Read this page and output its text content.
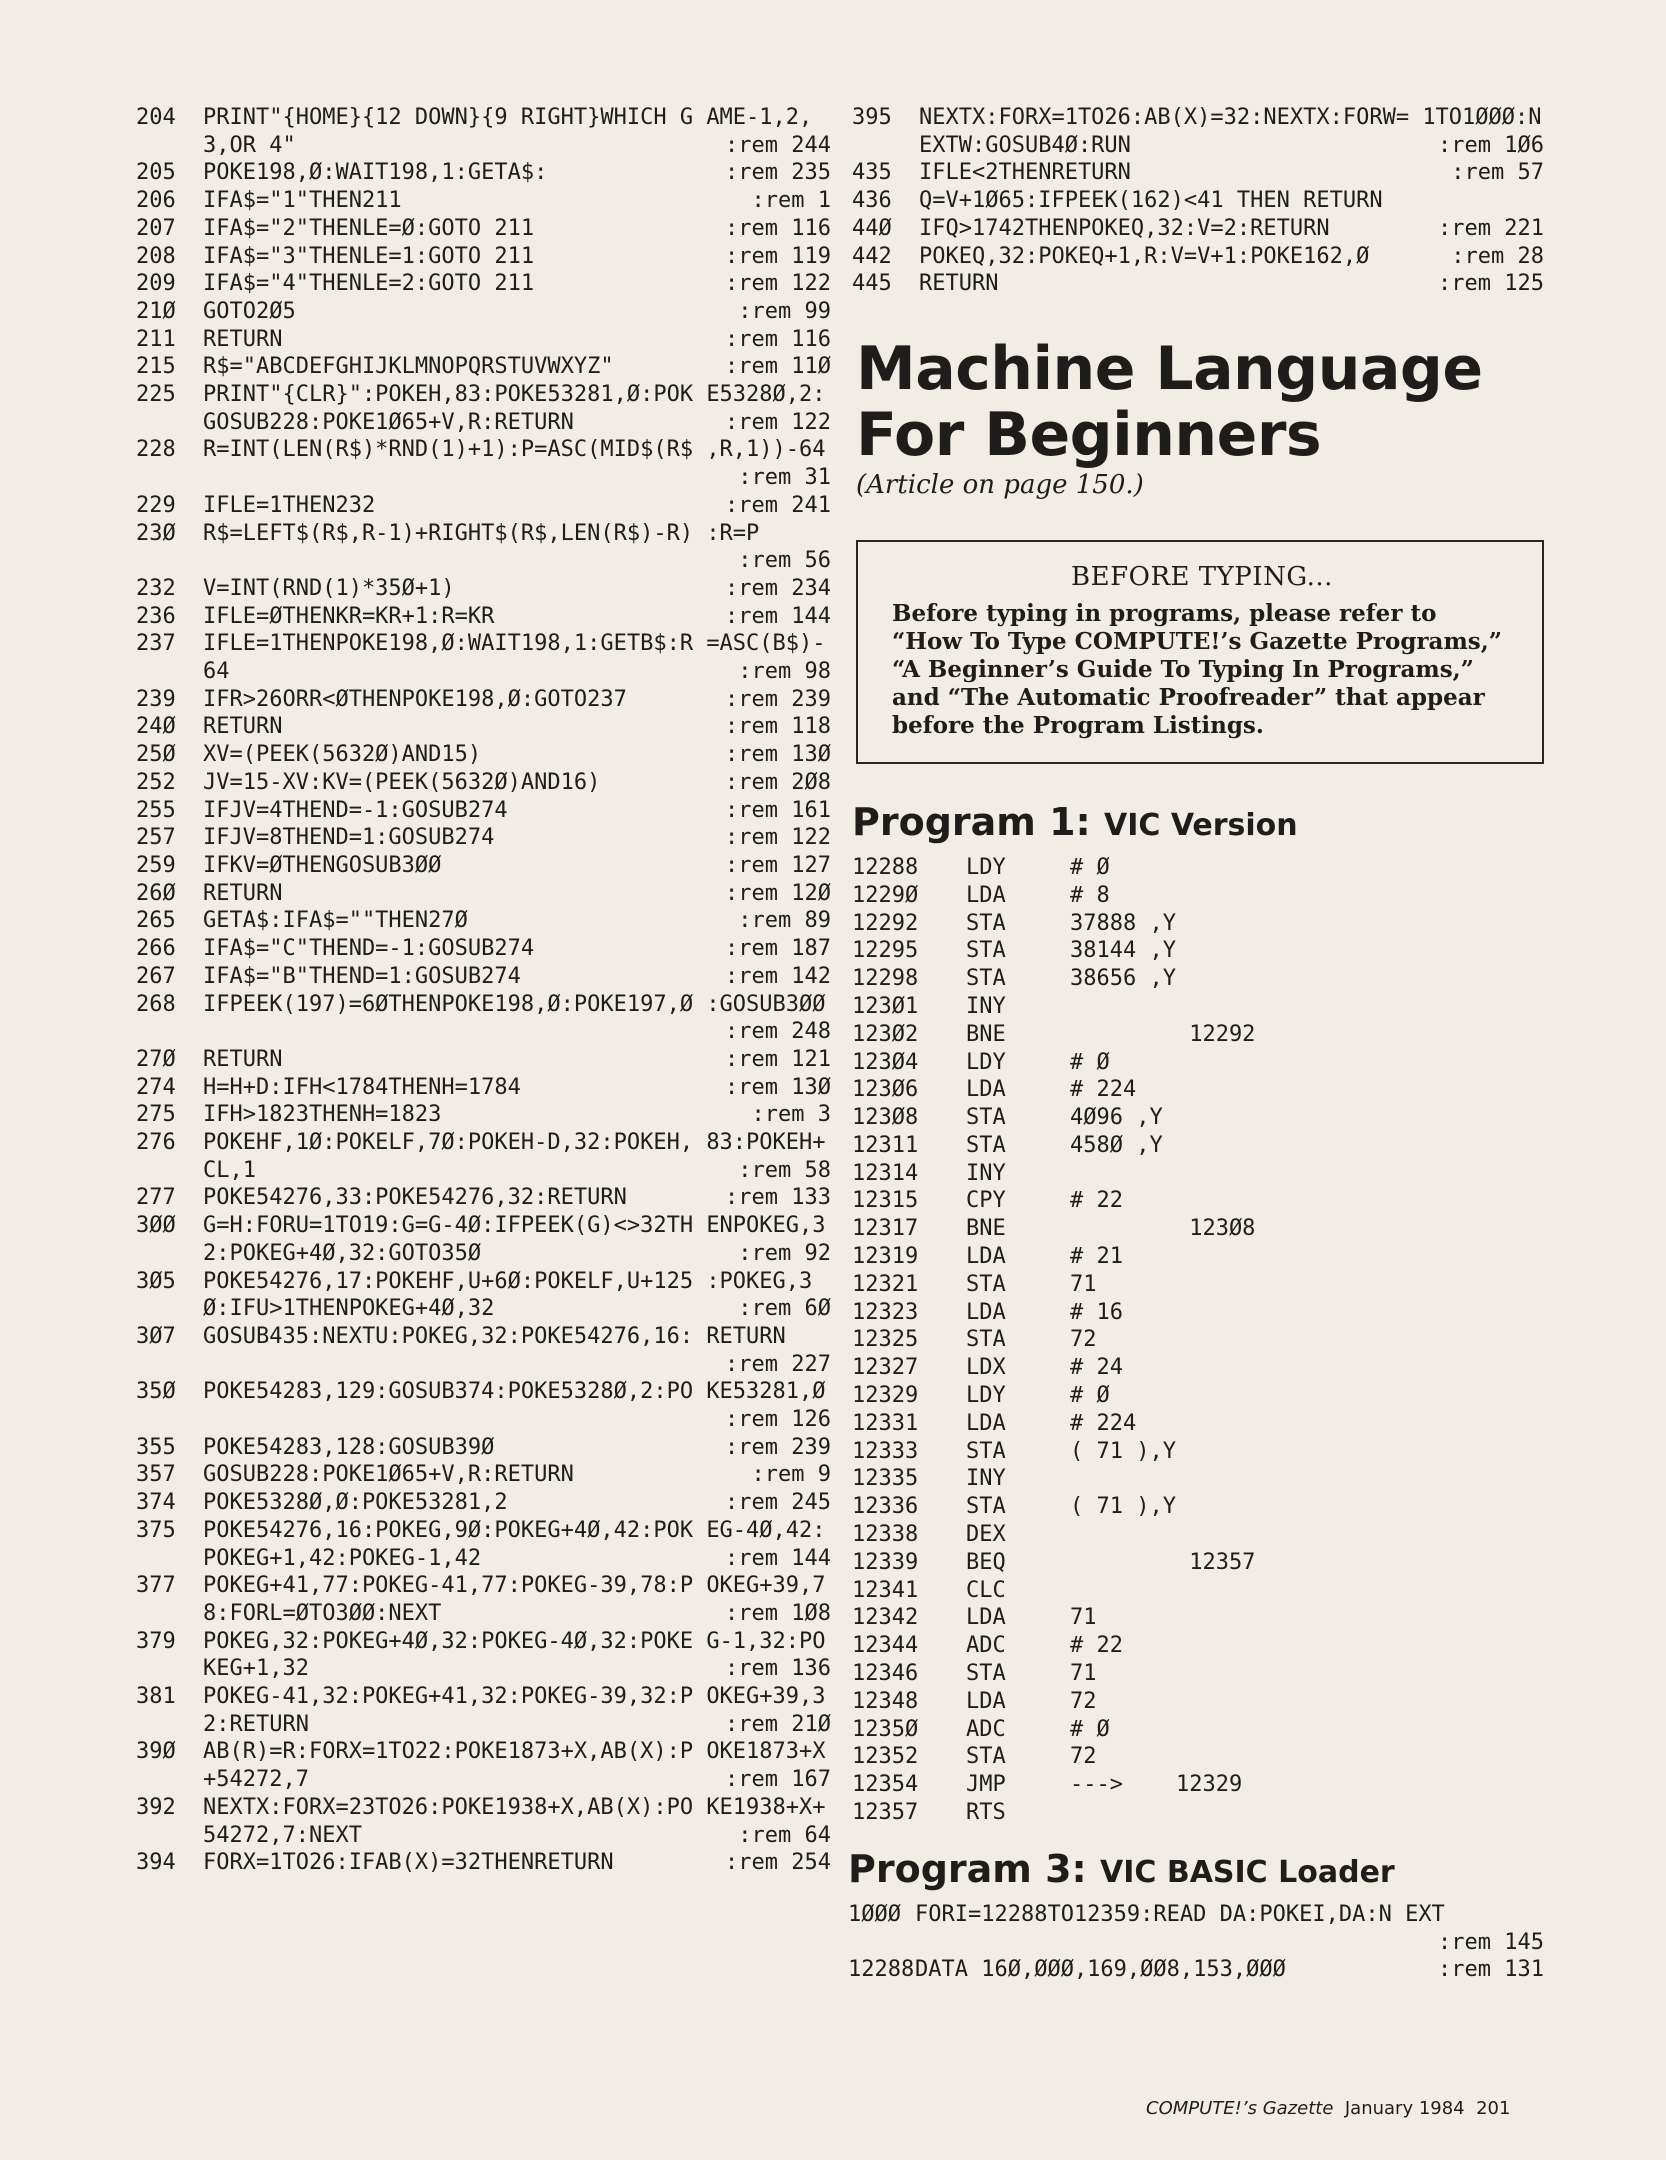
204	PRINT"{HOME}{12 DOWN}{9 RIGHT}WHICH G AME-1,2,3,OR 4"	:rem 244
205	POKE198,Ø:WAIT198,1:GETA$:	:rem 235
206	IFA$="1"THEN211	:rem 1
207	IFA$="2"THENLE=Ø:GOTO 211	:rem 116
208	IFA$="3"THENLE=1:GOTO 211	:rem 119
209	IFA$="4"THENLE=2:GOTO 211	:rem 122
21Ø	GOTO2Ø5	:rem 99
211	RETURN	:rem 116
215	R$="ABCDEFGHIJKLMNOPQRSTUVWXYZ"	:rem 11Ø
225	PRINT"{CLR}":POKEH,83:POKE53281,Ø:POK E5328Ø,2:GOSUB228:POKE1Ø65+V,R:RETURN	:rem 122
228	R=INT(LEN(R$)*RND(1)+1):P=ASC(MID$(R$ ,R,1))-64
:rem 31
229	IFLE=1THEN232	:rem 241
23Ø	R$=LEFT$(R$,R-1)+RIGHT$(R$,LEN(R$)-R) :R=P
:rem 56
232	V=INT(RND(1)*35Ø+1)	:rem 234
236	IFLE=ØTHENKR=KR+1:R=KR	:rem 144
237	IFLE=1THENPOKE198,Ø:WAIT198,1:GETB$:R =ASC(B$)-64	:rem 98
239	IFR>26ORR<ØTHENPOKE198,Ø:GOTO237	:rem 239
24Ø	RETURN	:rem 118
25Ø	XV=(PEEK(5632Ø)AND15)	:rem 13Ø
252	JV=15-XV:KV=(PEEK(5632Ø)AND16)	:rem 2Ø8
255	IFJV=4THEND=-1:GOSUB274	:rem 161
257	IFJV=8THEND=1:GOSUB274	:rem 122
259	IFKV=ØTHENGOSUB3ØØ	:rem 127
26Ø	RETURN	:rem 12Ø
265	GETA$:IFA$=""THEN27Ø	:rem 89
266	IFA$="C"THEND=-1:GOSUB274	:rem 187
267	IFA$="B"THEND=1:GOSUB274	:rem 142
268	IFPEEK(197)=6ØTHENPOKE198,Ø:POKE197,Ø :GOSUB3ØØ
:rem 248
27Ø	RETURN	:rem 121
274	H=H+D:IFH<1784THENH=1784	:rem 13Ø
275	IFH>1823THENH=1823	:rem 3
276	POKEHF,1Ø:POKELF,7Ø:POKEH-D,32:POKEH, 83:POKEH+CL,1	:rem 58
277	POKE54276,33:POKE54276,32:RETURN	:rem 133
3ØØ	G=H:FORU=1TO19:G=G-4Ø:IFPEEK(G)<>32TH ENPOKEG,32:POKEG+4Ø,32:GOTO35Ø	:rem 92
3Ø5	POKE54276,17:POKEHF,U+6Ø:POKELF,U+125 :POKEG,3Ø:IFU>1THENPOKEG+4Ø,32	:rem 6Ø
3Ø7	GOSUB435:NEXTU:POKEG,32:POKE54276,16: RETURN
:rem 227
35Ø	POKE54283,129:GOSUB374:POKE5328Ø,2:PO KE53281,Ø
:rem 126
355	POKE54283,128:GOSUB39Ø	:rem 239
357	GOSUB228:POKE1Ø65+V,R:RETURN	:rem 9
374	POKE5328Ø,Ø:POKE53281,2	:rem 245
375	POKE54276,16:POKEG,9Ø:POKEG+4Ø,42:POK EG-4Ø,42:POKEG+1,42:POKEG-1,42	:rem 144
377	POKEG+41,77:POKEG-41,77:POKEG-39,78:P OKEG+39,78:FORL=ØTO3ØØ:NEXT	:rem 1Ø8
379	POKEG,32:POKEG+4Ø,32:POKEG-4Ø,32:POKE G-1,32:POKEG+1,32	:rem 136
381	POKEG-41,32:POKEG+41,32:POKEG-39,32:P OKEG+39,32:RETURN	:rem 21Ø
39Ø	AB(R)=R:FORX=1TO22:POKE1873+X,AB(X):P OKE1873+X+54272,7	:rem 167
392	NEXTX:FORX=23TO26:POKE1938+X,AB(X):PO KE1938+X+54272,7:NEXT	:rem 64
394	FORX=1TO26:IFAB(X)=32THENRETURN	:rem 254
395	NEXTX:FORX=1TO26:AB(X)=32:NEXTX:FORW= 1TO1ØØØ:NEXTW:GOSUB4Ø:RUN	:rem 1Ø6
435	IFLE<2THENRETURN	:rem 57
436	Q=V+1Ø65:IFPEEK(162)<41 THEN RETURN
44Ø	IFQ>1742THENPOKEQ,32:V=2:RETURN	:rem 221
442	POKEQ,32:POKEQ+1,R:V=V+1:POKE162,Ø	:rem 28
445	RETURN	:rem 125
Machine Language
For Beginners
(Article on page 150.)
BEFORE TYPING...

Before typing in programs, please refer to “How To Type COMPUTE!’s Gazette Programs,” “A Beginner’s Guide To Typing In Programs,” and “The Automatic Proofreader” that appear before the Program Listings.

Program 1: VIC Version
12288	LDY	# Ø
1229Ø	LDA	# 8
12292	STA	37888 ,Y
12295	STA	38144 ,Y
12298	STA	38656 ,Y
123Ø1	INY
123Ø2	BNE	12292
123Ø4	LDY	# Ø
123Ø6	LDA	# 224
123Ø8	STA	4Ø96 ,Y
12311	STA	458Ø ,Y
12314	INY
12315	CPY	# 22
12317	BNE	123Ø8
12319	LDA	# 21
12321	STA	71
12323	LDA	# 16
12325	STA	72
12327	LDX	# 24
12329	LDY	# Ø
12331	LDA	# 224
12333	STA	( 71 ),Y
12335	INY
12336	STA	( 71 ),Y
12338	DEX
12339	BEQ	12357
12341	CLC
12342	LDA	71
12344	ADC	# 22
12346	STA	71
12348	LDA	72
1235Ø	ADC	# Ø
12352	STA	72
12354	JMP	--->    12329
12357	RTS
Program 3: VIC BASIC Loader
1ØØØ FORI=12288TO12359:READ DA:POKEI,DA:N EXT
:rem 145
12288 DATA 16Ø,ØØØ,169,ØØ8,153,ØØØ	:rem 131
COMPUTE!’s Gazette January 1984 201
